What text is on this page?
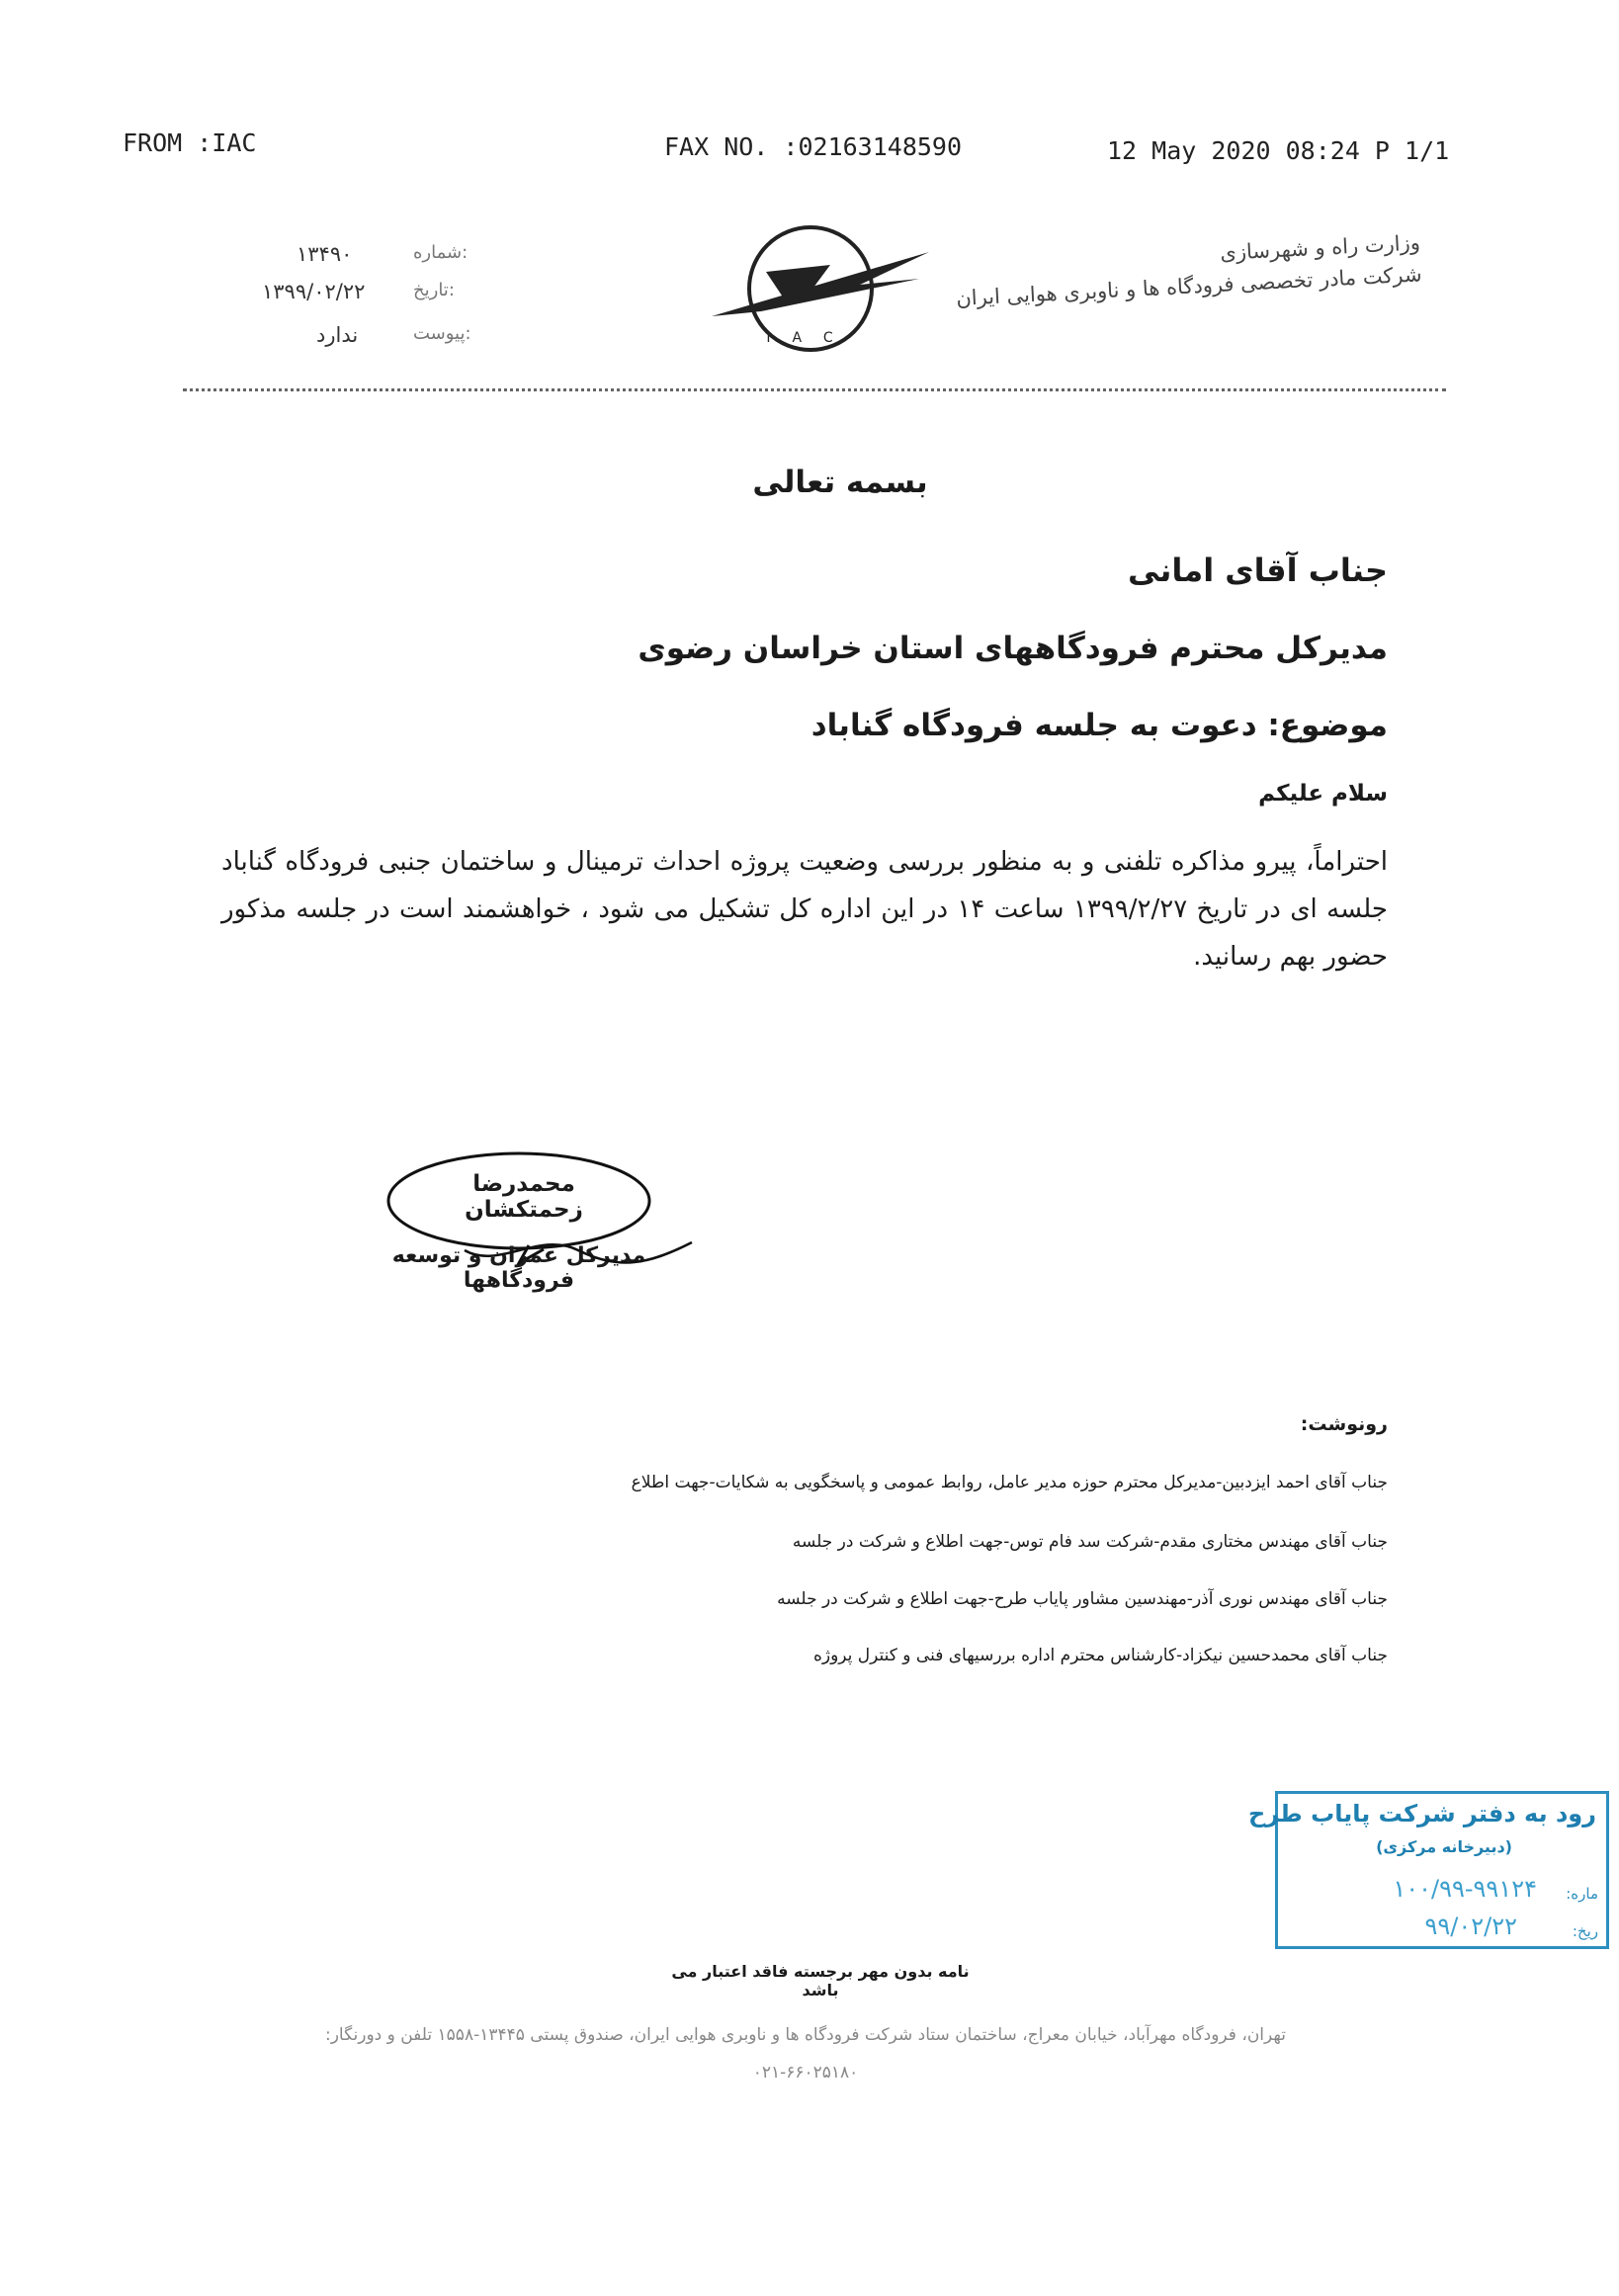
FROM :IAC	FAX NO. :02163148590	12 May 2020 08:24 P 1/1
وزارت راه و شهرسازی
شرکت مادر تخصصی فرودگاه ها و ناوبری هوایی ایران
IAC
۱۳۴۹۰
۱۳۹۹/۰۲/۲۲
ندارد
شماره:
تاریخ:
پیوست:
بسمه تعالی
جناب آقای امانی
مدیرکل محترم فرودگاههای استان خراسان رضوی
موضوع: دعوت به جلسه فرودگاه گناباد
سلام علیکم
احتراماً، پیرو مذاکره تلفنی و به منظور بررسی وضعیت پروژه احداث ترمینال و ساختمان جنبی فرودگاه گناباد جلسه ای در تاریخ ۱۳۹۹/۲/۲۷ ساعت ۱۴ در این اداره کل تشکیل می شود ، خواهشمند است در جلسه مذکور حضور بهم رسانید.
محمدرضا زحمتکشان
مدیرکل عمران و توسعه فرودگاهها
رونوشت:
جناب آقای احمد ایزدبین-مدیرکل محترم حوزه مدیر عامل، روابط عمومی و پاسخگویی به شکایات-جهت اطلاع
جناب آقای مهندس مختاری مقدم-شرکت سد فام توس-جهت اطلاع و شرکت در جلسه
جناب آقای مهندس نوری آذر-مهندسین مشاور پایاب طرح-جهت اطلاع و شرکت در جلسه
جناب آقای محمدحسین نیکزاد-کارشناس محترم اداره بررسیهای فنی و کنترل پروژه
رود به دفتر شرکت پایاب طرح
(دبیرخانه مرکزی)
ماره:
۱۰۰/۹۹-۹۹۱۲۴
ریخ:
۹۹/۰۲/۲۲
نامه بدون مهر برجسته فاقد اعتبار می باشد
تهران، فرودگاه مهرآباد، خیابان معراج، ساختمان ستاد شرکت فرودگاه ها و ناوبری هوایی ایران، صندوق پستی ۱۳۴۴۵-۱۵۵۸ تلفن و دورنگار: ۶۶۰۲۵۱۸۰-۰۲۱
